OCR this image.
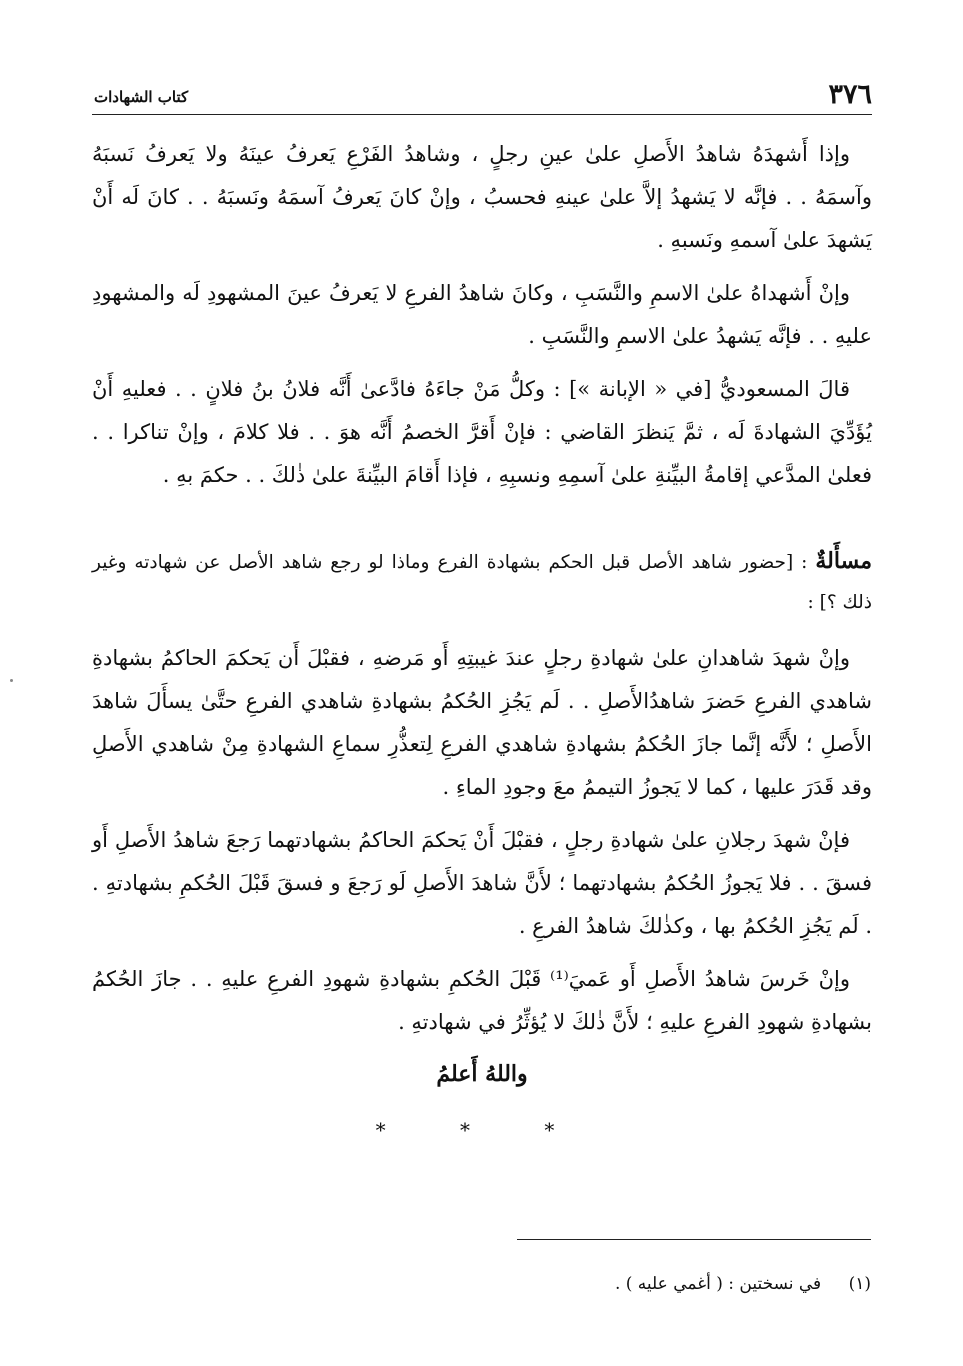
٣٧٦
كتاب الشهادات

وإذا أَشهدَهُ شاهدُ الأَصلِ علىٰ عينِ رجلٍ ، وشاهدُ الفَرْعِ يَعرفُ عينَهُ ولا يَعرفُ نَسبَهُ وآسمَهُ . . فإنَّه لا يَشهدُ إلاَّ علىٰ عينهِ فحسبُ ، وإنْ كانَ يَعرفُ آسمَهُ ونَسبَهُ . . كانَ لَه أَنْ يَشهدَ علىٰ آسمهِ ونَسبهِ .

وإنْ أَشهداهُ علىٰ الاسمِ والنَّسَبِ ، وكانَ شاهدُ الفرعِ لا يَعرفُ عينَ المشهودِ لَه والمشهودِ عليهِ . . فإنَّه يَشهدُ علىٰ الاسمِ والنَّسَبِ .

قالَ المسعوديُّ [في « الإبانة »] : وكلُّ مَنْ جاءَهُ فادَّعىٰ أَنَّه فلانُ بنُ فلانٍ . . فعليهِ أَنْ يُؤَدِّيَ الشهادةَ لَه ، ثمَّ يَنظرَ القاضي : فإنْ أَقرَّ الخصمُ أَنَّه هوَ . . فلا كلامَ ، وإنْ تناكرا . . فعلىٰ المدَّعي إقامةُ البيِّنةِ علىٰ آسمِهِ ونسبِهِ ، فإذا أَقامَ البيِّنةَ علىٰ ذٰلكَ . . حكمَ بهِ .

مسأَلةٌ : [حضور شاهد الأصل قبل الحكم بشهادة الفرع وماذا لو رجع شاهد الأصل عن شهادته وغير ذلك ؟] :

وإنْ شهدَ شاهدانِ علىٰ شهادةِ رجلٍ عندَ غيبتِهِ أَو مَرضهِ ، فقبْلَ أَن يَحكمَ الحاكمُ بشهادةِ شاهدي الفرعِ حَضرَ شاهدُالأَصلِ . . لَم يَجُزِ الحُكمُ بشهادةِ شاهدي الفرعِ حتَّىٰ يسأَلَ شاهدَ الأَصلِ ؛ لأَنَّه إنَّما جازَ الحُكمُ بشهادةِ شاهدي الفرعِ لِتعذُّرِ سماعِ الشهادةِ مِنْ شاهدي الأَصلِ وقد قَدَرَ عليها ، كما لا يَجوزُ التيممُ معَ وجودِ الماءِ .

فإنْ شهدَ رجلانِ علىٰ شهادةِ رجلٍ ، فقبْلَ أَنْ يَحكمَ الحاكمُ بشهادتهما رَجعَ شاهدُ الأَصلِ أَو فسقَ . . فلا يَجوزُ الحُكمُ بشهادتهما ؛ لأَنَّ شاهدَ الأَصلِ لَو رَجعَ و فسقَ قَبْلَ الحُكمِ بشهادتهِ . . لَم يَجُزِ الحُكمُ بها ، وكذٰلكَ شاهدُ الفرعِ .

وإنْ خَرسَ شاهدُ الأَصلِ أَو عَميَ⁽¹⁾ قَبْلَ الحُكمِ بشهادةِ شهودِ الفرعِ عليهِ . . جازَ الحُكمُ بشهادةِ شهودِ الفرعِ عليهِ ؛ لأَنَّ ذٰلكَ لا يُؤثِّرُ في شهادتهِ .

واللهُ أَعلمُ
* * *
(١) في نسختين : ( أغمي عليه ) .
